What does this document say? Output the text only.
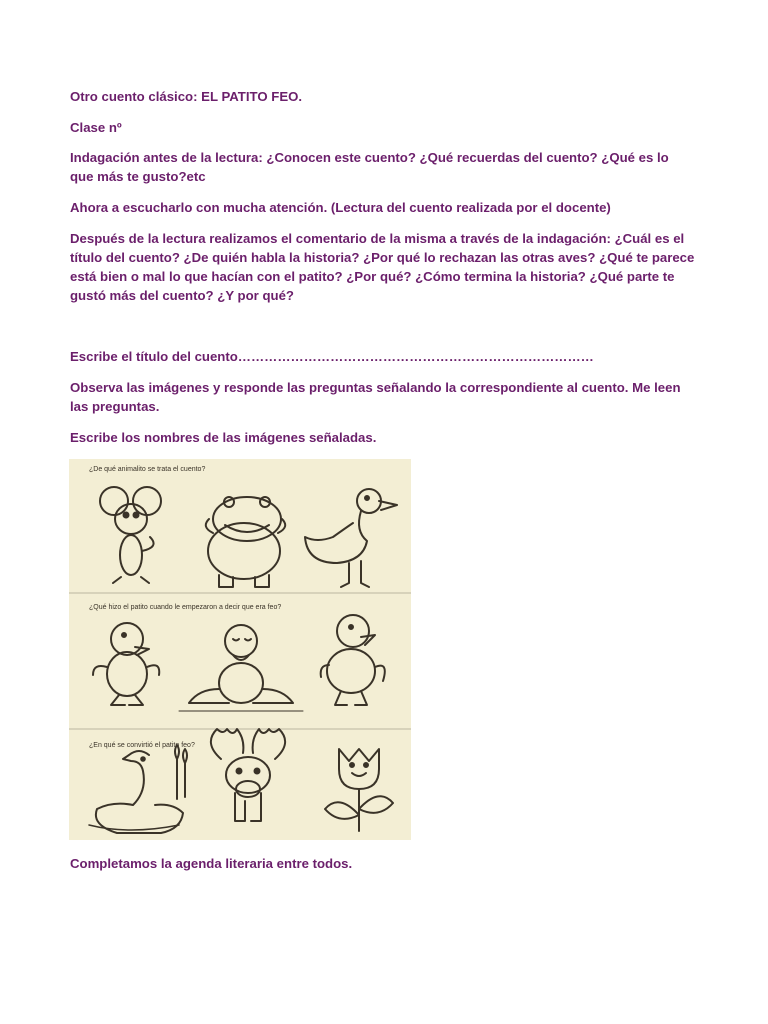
Otro cuento clásico: EL PATITO FEO.

Clase nº

Indagación antes de la lectura: ¿Conocen este cuento? ¿Qué recuerdas del cuento? ¿Qué es lo que más te gusto?etc

Ahora a escucharlo con mucha atención. (Lectura del cuento realizada por el docente)

Después de la lectura realizamos el comentario de la misma a través de la indagación: ¿Cuál es el título del cuento? ¿De quién habla la historia? ¿Por qué lo rechazan las otras aves? ¿Qué te parece está bien o mal lo que hacían con el patito? ¿Por qué? ¿Cómo termina la historia? ¿Qué parte te gustó más del cuento? ¿Y por qué?

Escribe el título del cuento………………………………………………………………………

Observa las imágenes y responde las preguntas señalando la correspondiente al cuento. Me leen las preguntas.

Escribe los nombres de las imágenes señaladas.

¿De qué animalito se trata el cuento?
¿Qué hizo el patito cuando le empezaron a decir que era feo?
¿En qué se convirtió el patito feo?

Completamos la agenda literaria entre todos.
